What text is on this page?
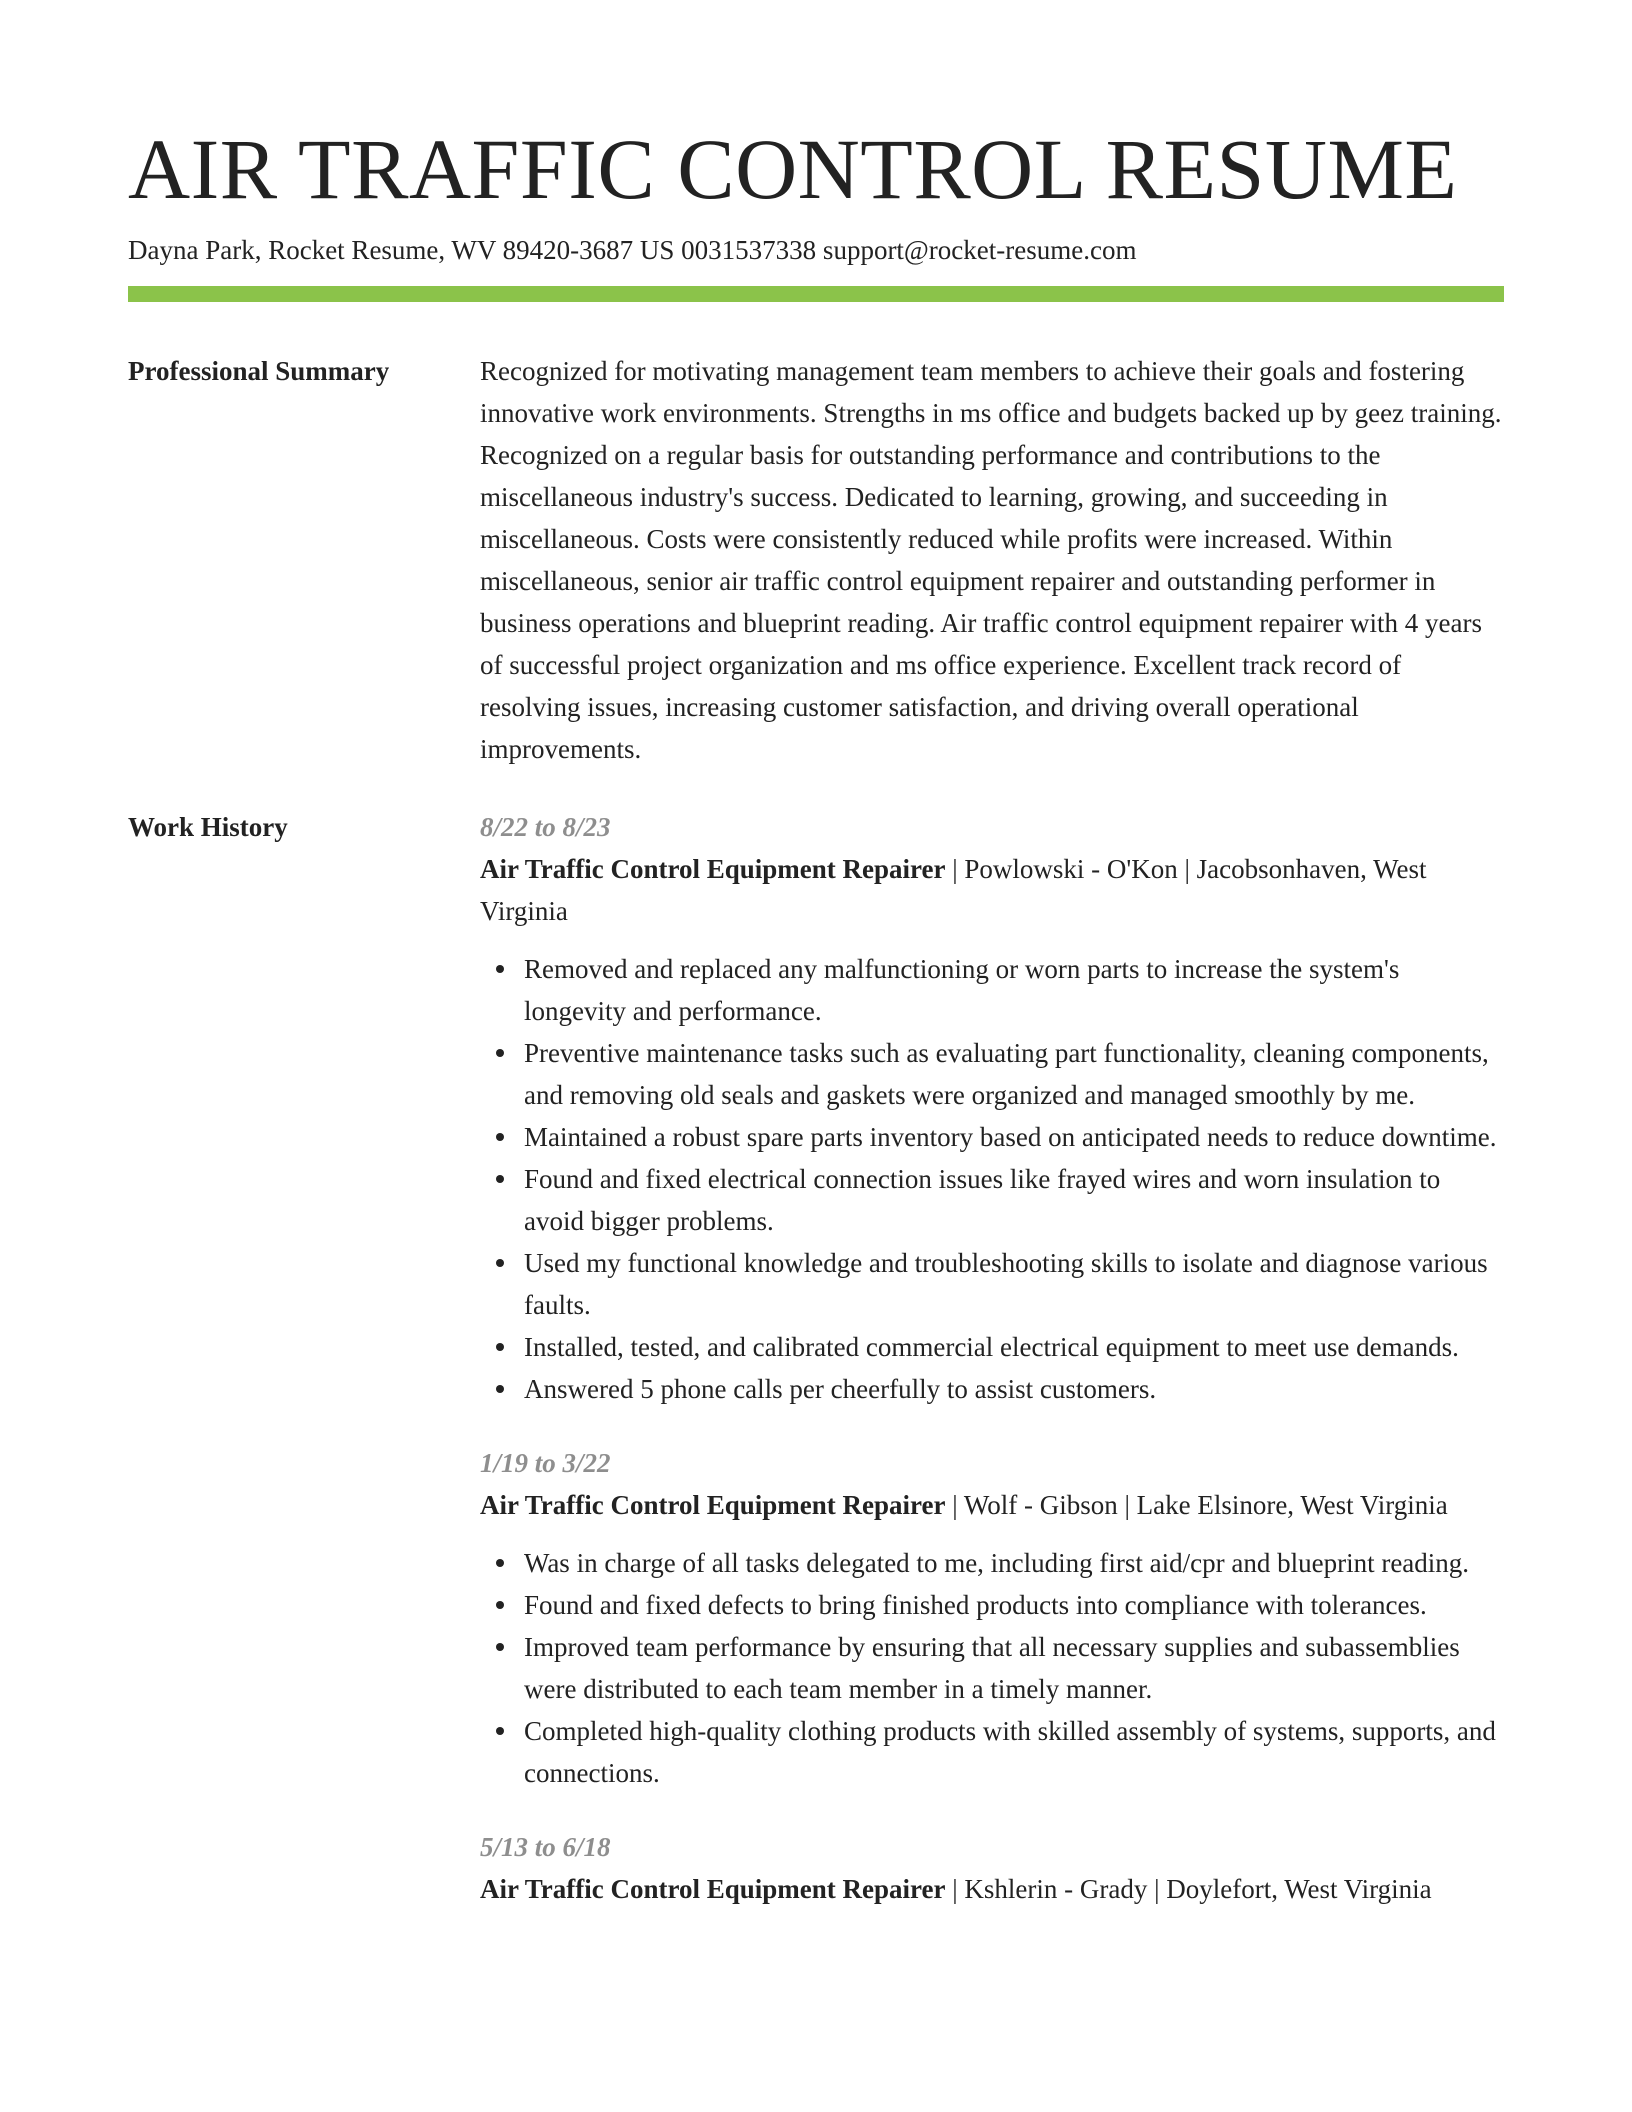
AIR TRAFFIC CONTROL RESUME
Dayna Park, Rocket Resume, WV 89420-3687 US 0031537338 support@rocket-resume.com
Professional Summary	Recognized for motivating management team members to achieve their goals and fostering innovative work environments. Strengths in ms office and budgets backed up by geez training. Recognized on a regular basis for outstanding performance and contributions to the miscellaneous industry's success. Dedicated to learning, growing, and succeeding in miscellaneous. Costs were consistently reduced while profits were increased. Within miscellaneous, senior air traffic control equipment repairer and outstanding performer in business operations and blueprint reading. Air traffic control equipment repairer with 4 years of successful project organization and ms office experience. Excellent track record of resolving issues, increasing customer satisfaction, and driving overall operational improvements.

Work History	8/22 to 8/23
Air Traffic Control Equipment Repairer | Powlowski - O'Kon | Jacobsonhaven, West Virginia
Removed and replaced any malfunctioning or worn parts to increase the system's longevity and performance.
Preventive maintenance tasks such as evaluating part functionality, cleaning components, and removing old seals and gaskets were organized and managed smoothly by me.
Maintained a robust spare parts inventory based on anticipated needs to reduce downtime.
Found and fixed electrical connection issues like frayed wires and worn insulation to avoid bigger problems.
Used my functional knowledge and troubleshooting skills to isolate and diagnose various faults.
Installed, tested, and calibrated commercial electrical equipment to meet use demands.
Answered 5 phone calls per cheerfully to assist customers.
1/19 to 3/22
Air Traffic Control Equipment Repairer | Wolf - Gibson | Lake Elsinore, West Virginia
Was in charge of all tasks delegated to me, including first aid/cpr and blueprint reading.
Found and fixed defects to bring finished products into compliance with tolerances.
Improved team performance by ensuring that all necessary supplies and subassemblies were distributed to each team member in a timely manner.
Completed high-quality clothing products with skilled assembly of systems, supports, and connections.
5/13 to 6/18
Air Traffic Control Equipment Repairer | Kshlerin - Grady | Doylefort, West Virginia
